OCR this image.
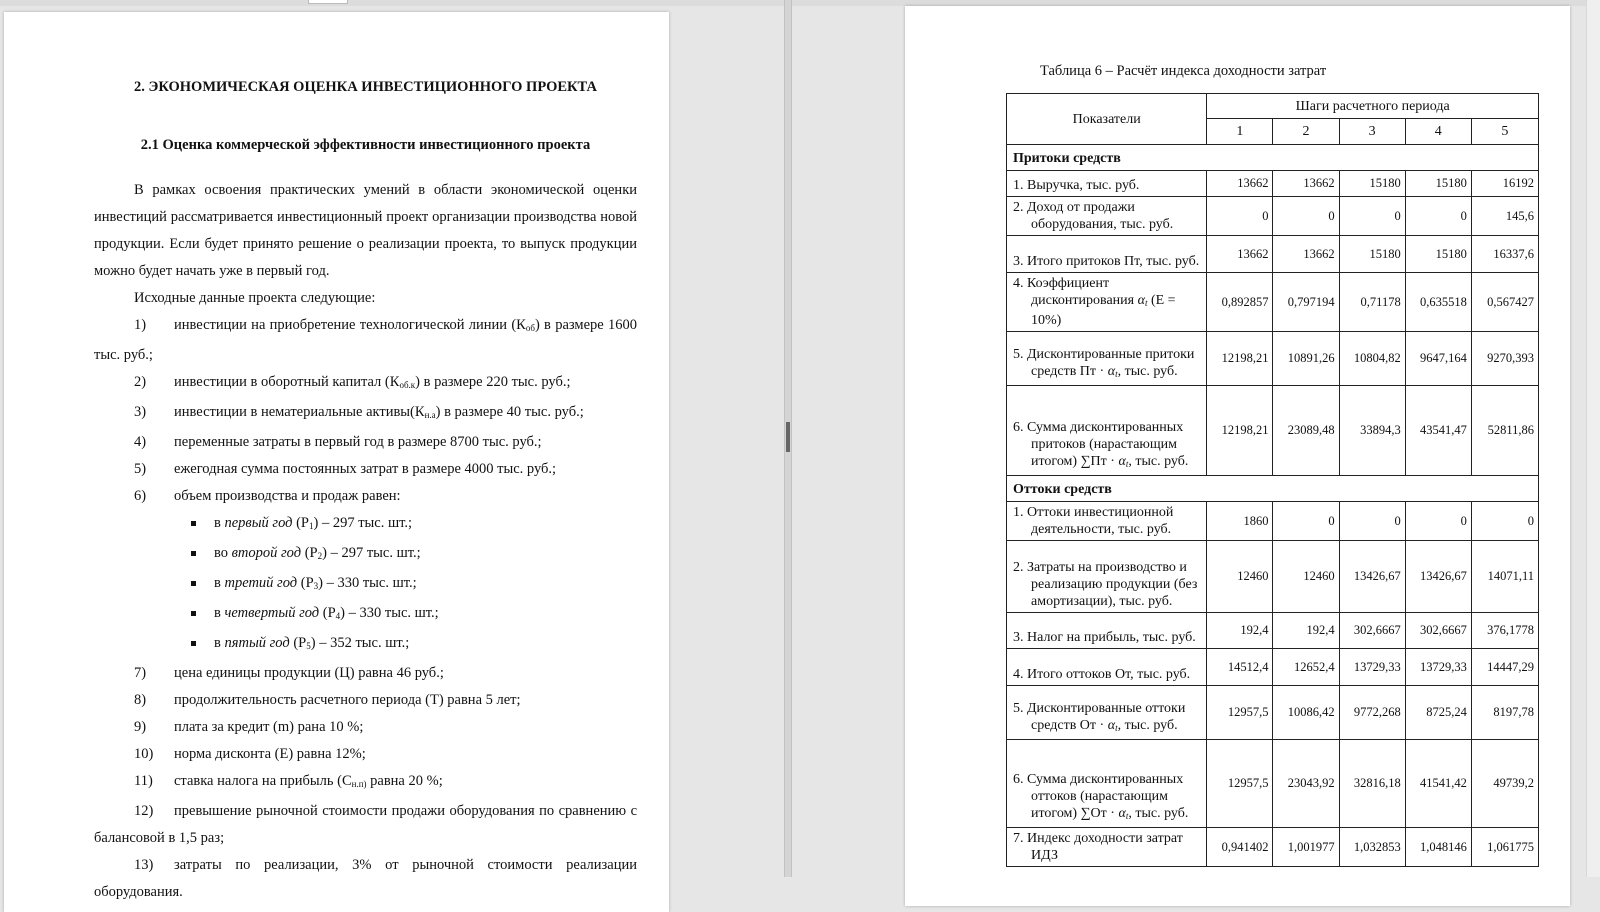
2. ЭКОНОМИЧЕСКАЯ ОЦЕНКА ИНВЕСТИЦИОННОГО ПРОЕКТА
2.1 Оценка коммерческой эффективности инвестиционного проекта
В рамках освоения практических умений в области экономической оценки инвестиций рассматривается инвестиционный проект организации производства новой продукции. Если будет принято решение о реализации проекта, то выпуск продукции можно будет начать уже в первый год.
Исходные данные проекта следующие:
1) инвестиции на приобретение технологической линии $(К_{об})$ в размере 1600 тыс. руб.;
2) инвестиции в оборотный капитал $(К_{об.к})$ в размере 220 тыс. руб.;
3) инвестиции в нематериальные $активы(К_{н.а})$ в размере 40 тыс. руб.;
4) переменные затраты в первый год в размере 8700 тыс. руб.;
5) ежегодная сумма постоянных затрат в размере 4000 тыс. руб.;
6) объем производства и продаж равен:
в первый год $(Р_1) - 297$ тыс. шт.;
во второй год $(Р_2) - 297$ тыс. шт.;
в третий год $(Р_3) - 330$ тыс. шт.;
в четвертый год $(Р_4) - 330$ тыс. шт.;
в пятый год $(Р_5) - 352$ тыс. шт.;
7) цена единицы продукции (Ц) равна 46 руб.;
8) продолжительность расчетного периода (Т) равна 5 лет;
9) плата за кредит (m) рана 10 %;
10) норма дисконта (Е) равна 12%;
11) ставка налога на прибыль ($С_{н.п)}$ равна 20 %;
12) превышение рыночной стоимости продажи оборудования по сравнению с балансовой в 1,5 раз;
13) затраты по реализации, 3% от рыночной стоимости реализации оборудования.
Таблица 6 – Расчёт индекса доходности затрат
Показатели	Шаги расчетного периода				
	1	2	3	4	5
Притоки средств					
1. Выручка, тыс. руб.	13662	13662	15180	15180	16192
2. Доход от продажи оборудования, тыс. руб.	0	0	0	0	145,6
3. Итого притоков Пт, тыс. руб.	13662	13662	15180	15180	16337,6
4. Коэффициент дисконтирования $\alpha_t$ (E = 10%)	0,892857	0,797194	0,71178	0,635518	0,567427
5. Дисконтированные притоки средств Пт · $\alpha_t$, тыс. руб.	12198,21	10891,26	10804,82	9647,164	9270,393
6. Сумма дисконтированных притоков (нарастающим итогом) $\sum Пт \cdot \alpha_t$, тыс. руб.	12198,21	23089,48	33894,3	43541,47	52811,86
Оттоки средств					
1. Оттоки инвестиционной деятельности, тыс. руб.	1860	0	0	0	0
2. Затраты на производство и реализацию продукции (без амортизации), тыс. руб.	12460	12460	13426,67	13426,67	14071,11
3. Налог на прибыль, тыс. руб.	192,4	192,4	302,6667	302,6667	376,1778
4. Итого оттоков От, тыс. руб.	14512,4	12652,4	13729,33	13729,33	14447,29
5. Дисконтированные оттоки средств От · $\alpha_t$, тыс. руб.	12957,5	10086,42	9772,268	8725,24	8197,78
6. Сумма дисконтированных оттоков (нарастающим итогом) $\sum От \cdot \alpha_t$, тыс. руб.	12957,5	23043,92	32816,18	41541,42	49739,2
7. Индекс доходности затрат ИДЗ	0,941402	1,001977	1,032853	1,048146	1,061775
